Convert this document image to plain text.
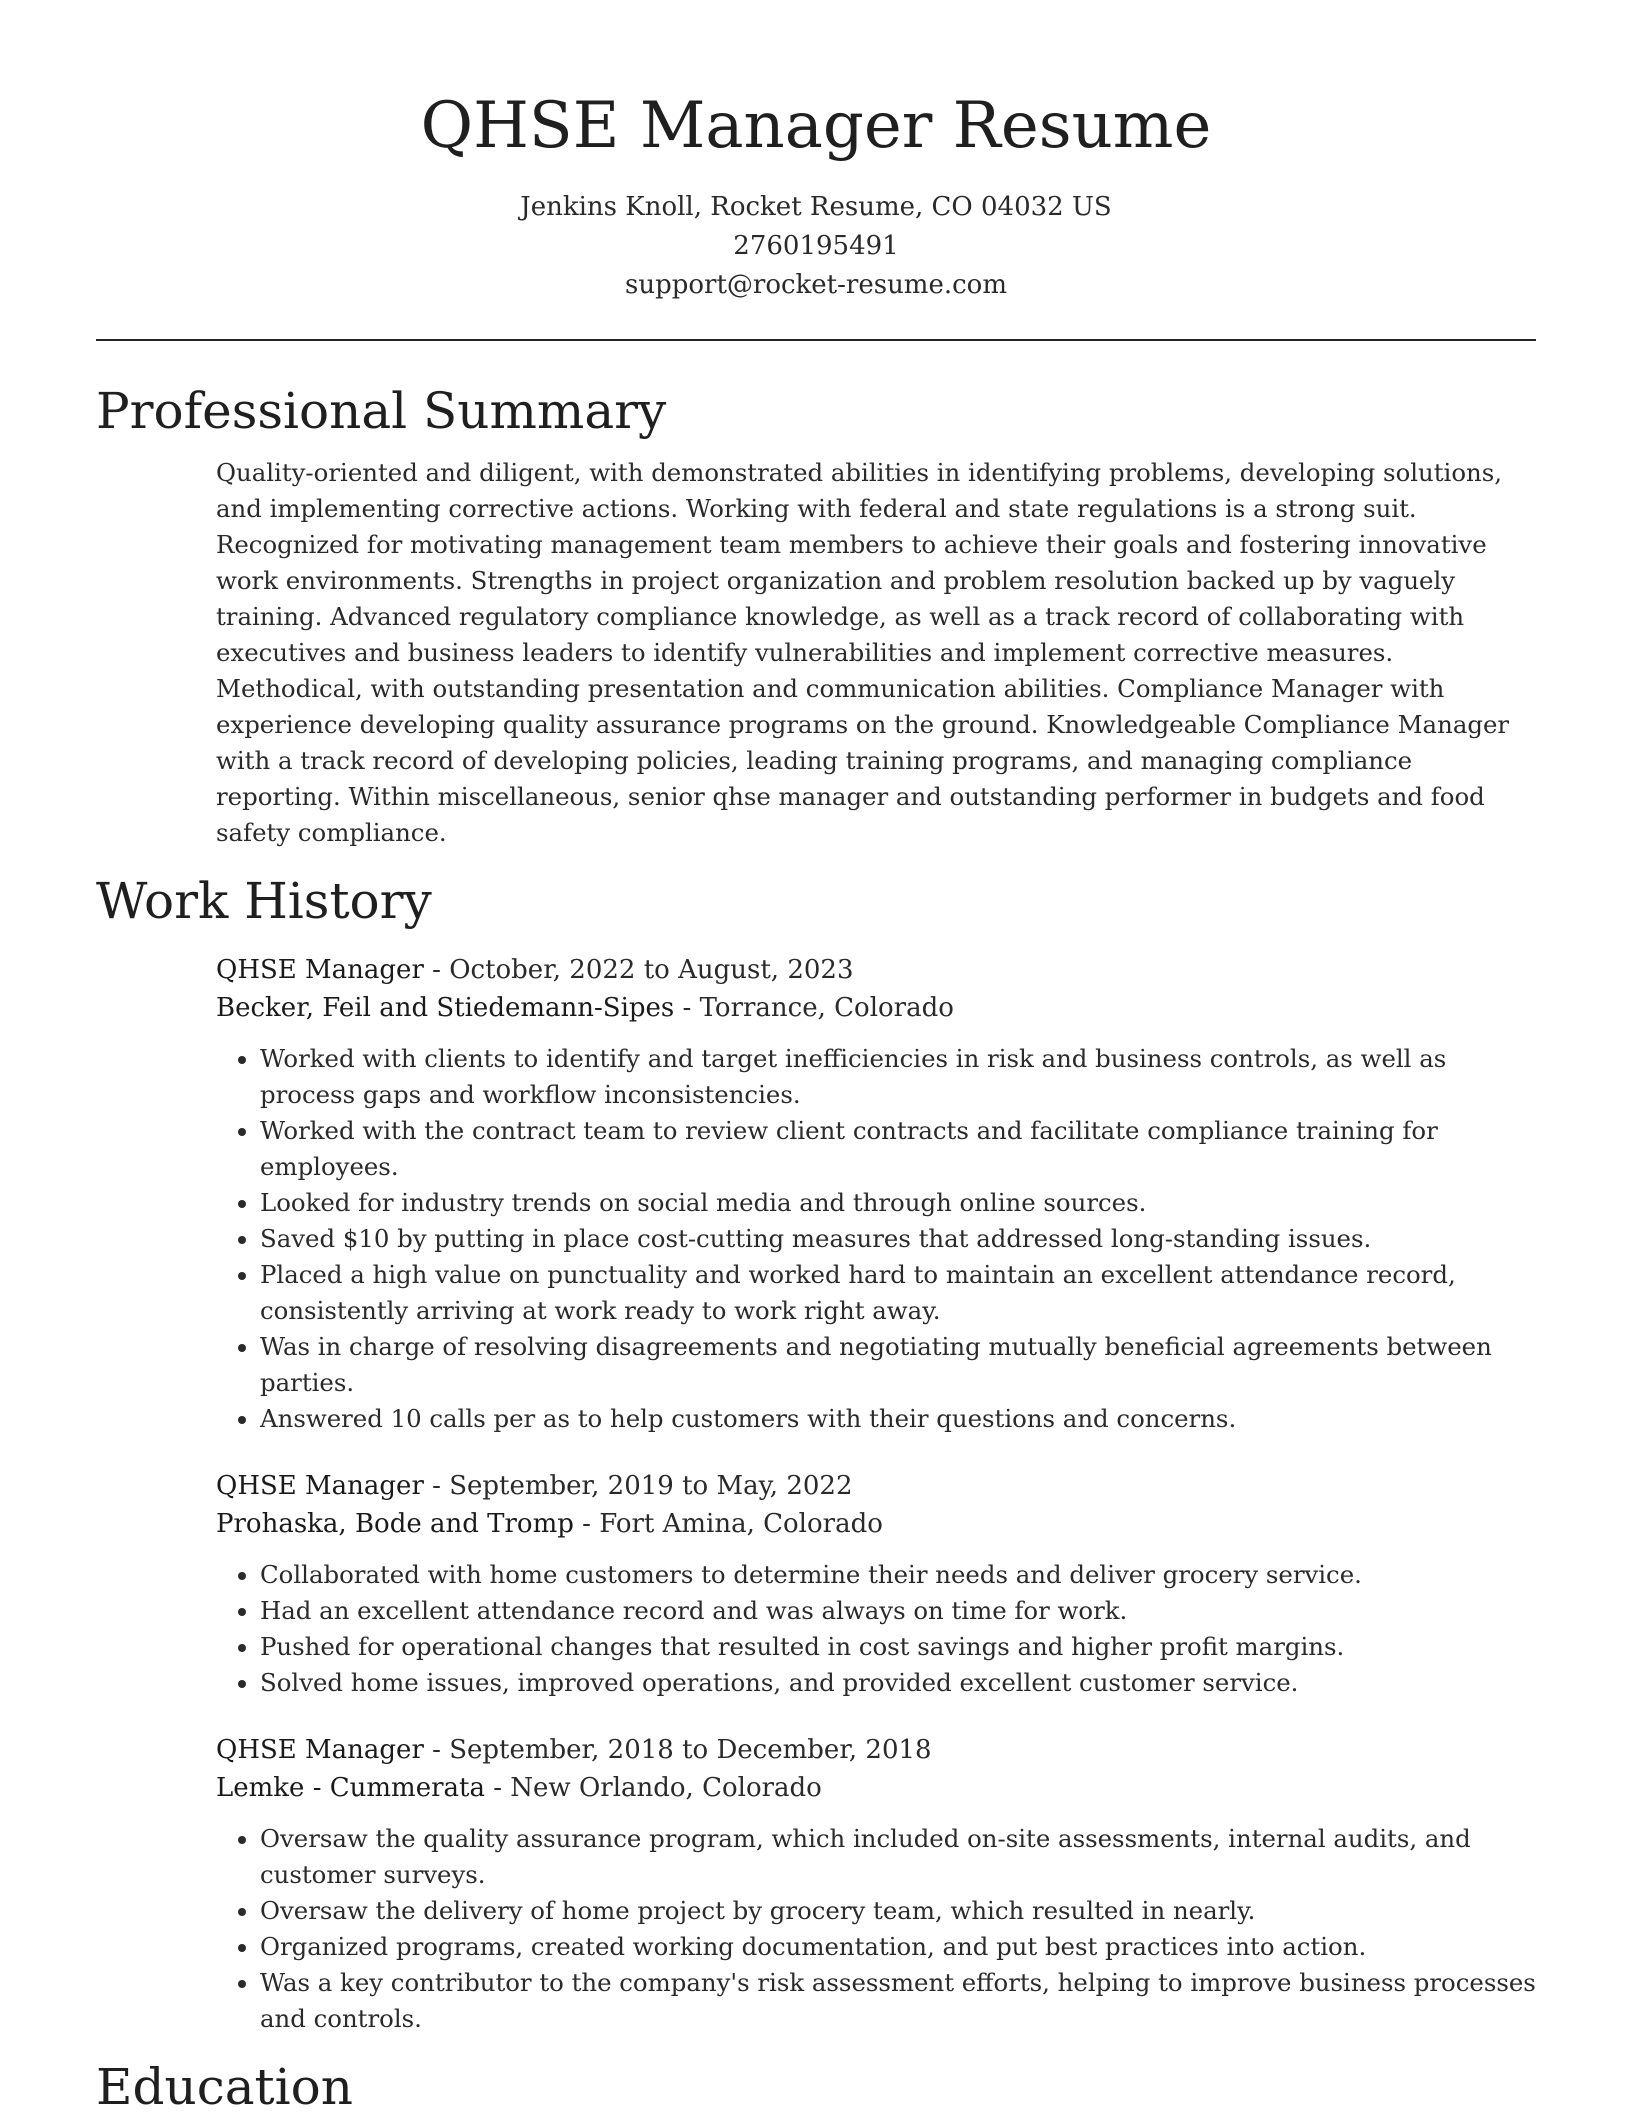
QHSE Manager Resume
Jenkins Knoll, Rocket Resume, CO 04032 US
2760195491
support@rocket-resume.com
Professional Summary

Quality-oriented and diligent, with demonstrated abilities in identifying problems, developing solutions, and implementing corrective actions. Working with federal and state regulations is a strong suit. Recognized for motivating management team members to achieve their goals and fostering innovative work environments. Strengths in project organization and problem resolution backed up by vaguely training. Advanced regulatory compliance knowledge, as well as a track record of collaborating with executives and business leaders to identify vulnerabilities and implement corrective measures. Methodical, with outstanding presentation and communication abilities. Compliance Manager with experience developing quality assurance programs on the ground. Knowledgeable Compliance Manager with a track record of developing policies, leading training programs, and managing compliance reporting. Within miscellaneous, senior qhse manager and outstanding performer in budgets and food safety compliance.

Work History
QHSE Manager - October, 2022 to August, 2023
Becker, Feil and Stiedemann-Sipes - Torrance, Colorado
• Worked with clients to identify and target inefficiencies in risk and business controls, as well as process gaps and workflow inconsistencies.
• Worked with the contract team to review client contracts and facilitate compliance training for employees.
• Looked for industry trends on social media and through online sources.
• Saved $10 by putting in place cost-cutting measures that addressed long-standing issues.
• Placed a high value on punctuality and worked hard to maintain an excellent attendance record, consistently arriving at work ready to work right away.
• Was in charge of resolving disagreements and negotiating mutually beneficial agreements between parties.
• Answered 10 calls per as to help customers with their questions and concerns.
QHSE Manager - September, 2019 to May, 2022
Prohaska, Bode and Tromp - Fort Amina, Colorado
• Collaborated with home customers to determine their needs and deliver grocery service.
• Had an excellent attendance record and was always on time for work.
• Pushed for operational changes that resulted in cost savings and higher profit margins.
• Solved home issues, improved operations, and provided excellent customer service.
QHSE Manager - September, 2018 to December, 2018
Lemke - Cummerata - New Orlando, Colorado
• Oversaw the quality assurance program, which included on-site assessments, internal audits, and customer surveys.
• Oversaw the delivery of home project by grocery team, which resulted in nearly.
• Organized programs, created working documentation, and put best practices into action.
• Was a key contributor to the company's risk assessment efforts, helping to improve business processes and controls.
Education
